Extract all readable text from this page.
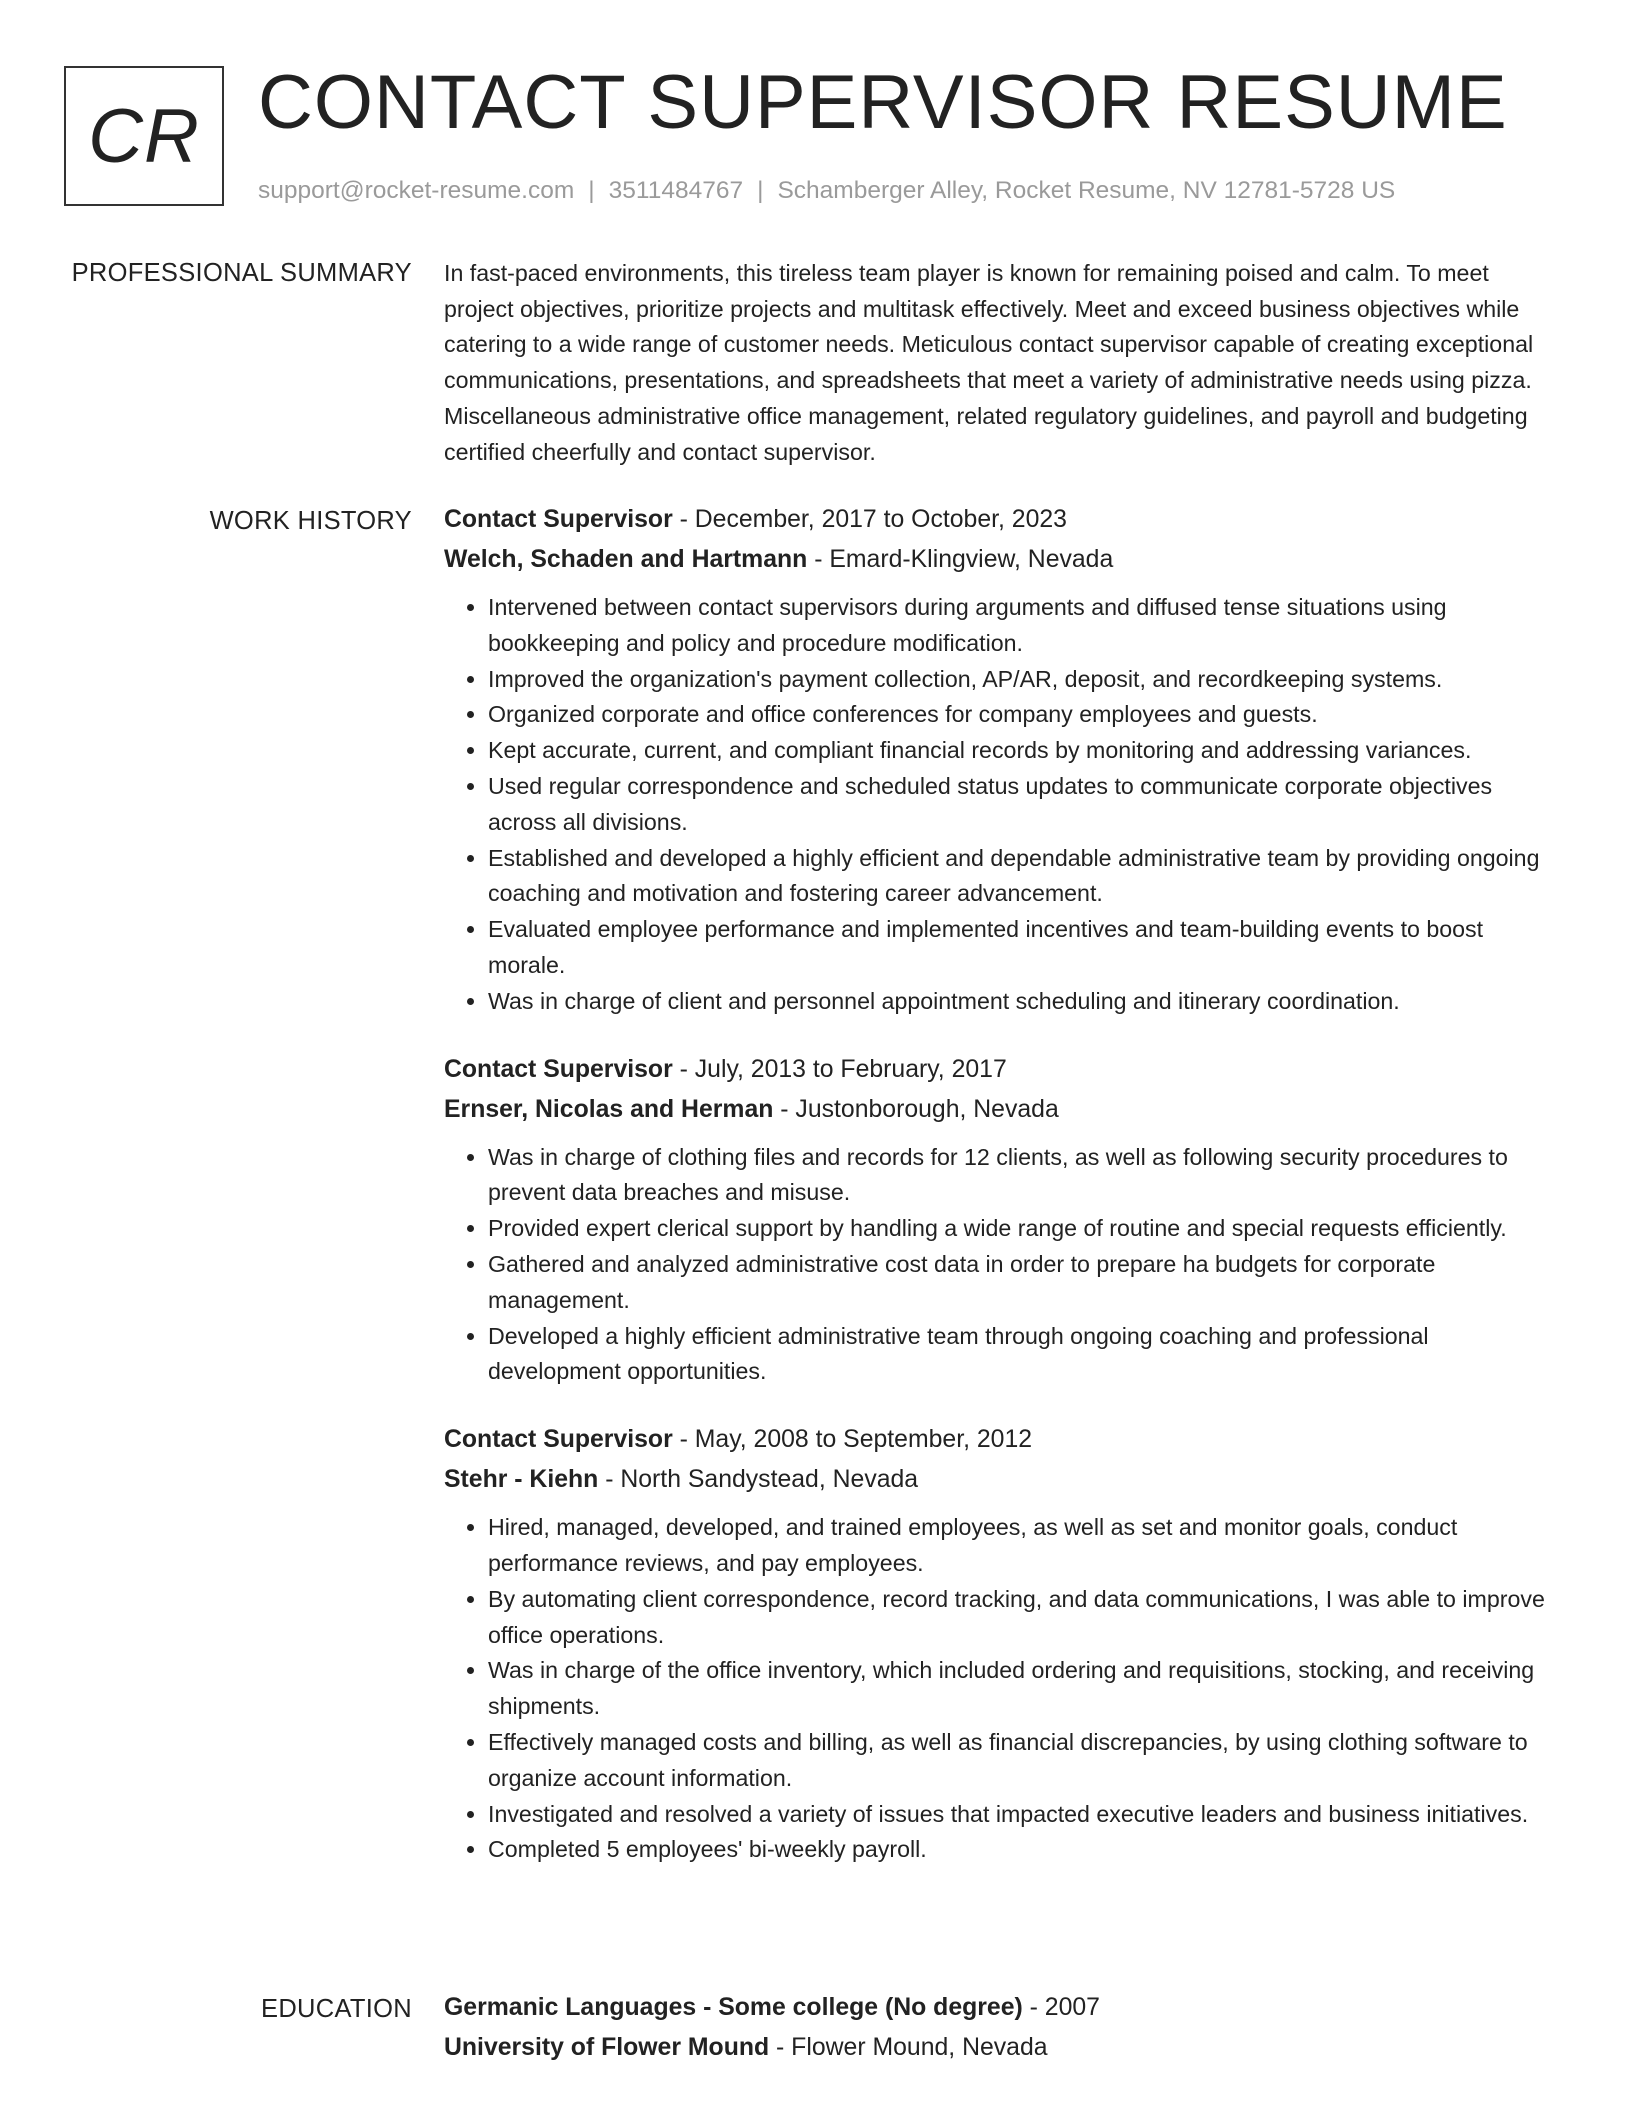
CR CONTACT SUPERVISOR RESUME
support@rocket-resume.com | 3511484767 | Schamberger Alley, Rocket Resume, NV 12781-5728 US
PROFESSIONAL SUMMARY In fast-paced environments, this tireless team player is known for remaining poised and calm. To meet project objectives, prioritize projects and multitask effectively. Meet and exceed business objectives while catering to a wide range of customer needs. Meticulous contact supervisor capable of creating exceptional communications, presentations, and spreadsheets that meet a variety of administrative needs using pizza. Miscellaneous administrative office management, related regulatory guidelines, and payroll and budgeting certified cheerfully and contact supervisor.

WORK HISTORY Contact Supervisor - December, 2017 to October, 2023
Welch, Schaden and Hartmann - Emard-Klingview, Nevada
• Intervened between contact supervisors during arguments and diffused tense situations using bookkeeping and policy and procedure modification.
• Improved the organization's payment collection, AP/AR, deposit, and recordkeeping systems.
• Organized corporate and office conferences for company employees and guests.
• Kept accurate, current, and compliant financial records by monitoring and addressing variances.
• Used regular correspondence and scheduled status updates to communicate corporate objectives across all divisions.
• Established and developed a highly efficient and dependable administrative team by providing ongoing coaching and motivation and fostering career advancement.
• Evaluated employee performance and implemented incentives and team-building events to boost morale.
• Was in charge of client and personnel appointment scheduling and itinerary coordination.
Contact Supervisor - July, 2013 to February, 2017
Ernser, Nicolas and Herman - Justonborough, Nevada
• Was in charge of clothing files and records for 12 clients, as well as following security procedures to prevent data breaches and misuse.
• Provided expert clerical support by handling a wide range of routine and special requests efficiently.
• Gathered and analyzed administrative cost data in order to prepare ha budgets for corporate management.
• Developed a highly efficient administrative team through ongoing coaching and professional development opportunities.
Contact Supervisor - May, 2008 to September, 2012
Stehr - Kiehn - North Sandystead, Nevada
• Hired, managed, developed, and trained employees, as well as set and monitor goals, conduct performance reviews, and pay employees.
• By automating client correspondence, record tracking, and data communications, I was able to improve office operations.
• Was in charge of the office inventory, which included ordering and requisitions, stocking, and receiving shipments.
• Effectively managed costs and billing, as well as financial discrepancies, by using clothing software to organize account information.
• Investigated and resolved a variety of issues that impacted executive leaders and business initiatives.
• Completed 5 employees' bi-weekly payroll.
EDUCATION Germanic Languages - Some college (No degree) - 2007
University of Flower Mound - Flower Mound, Nevada
